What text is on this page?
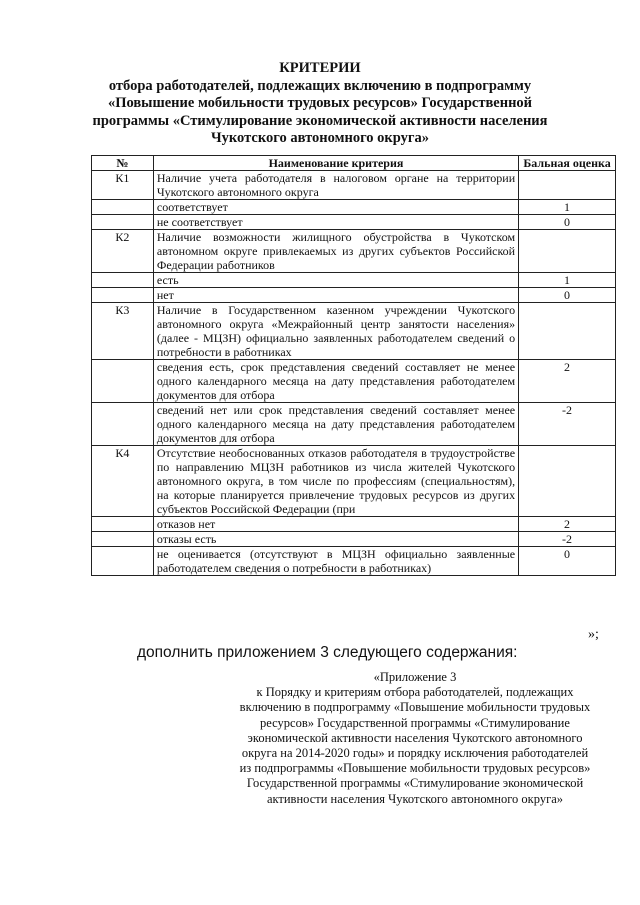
КРИТЕРИИ
отбора работодателей, подлежащих включению в подпрограмму
«Повышение мобильности трудовых ресурсов» Государственной
программы «Стимулирование экономической активности населения
Чукотского автономного округа»
№	Наименование критерия	Бальная оценка
К1	Наличие учета работодателя в налоговом органе на территории Чукотского автономного округа	
	соответствует	1
	не соответствует	0
К2	Наличие возможности жилищного обустройства в Чукотском автономном округе привлекаемых из других субъектов Российской Федерации работников	
	есть	1
	нет	0
К3	Наличие в Государственном казенном учреждении Чукотского автономного округа «Межрайонный центр занятости населения» (далее - МЦЗН) официально заявленных работодателем сведений о потребности в работниках	
	сведения есть, срок представления сведений составляет не менее одного календарного месяца на дату представления работодателем документов для отбора	2
	сведений нет или срок представления сведений составляет менее одного календарного месяца на дату представления работодателем документов для отбора	-2
К4	Отсутствие необоснованных отказов работодателя в трудоустройстве по направлению МЦЗН работников из числа жителей Чукотского автономного округа, в том числе по профессиям (специальностям), на которые планируется привлечение трудовых ресурсов из других субъектов Российской Федерации (при	
	отказов нет	2
	отказы есть	-2
	не оценивается (отсутствуют в МЦЗН официально заявленные работодателем сведения о потребности в работниках)	0
»;
дополнить приложением 3 следующего содержания:
«Приложение 3
к Порядку и критериям отбора работодателей, подлежащих
включению в подпрограмму «Повышение мобильности трудовых
ресурсов» Государственной программы «Стимулирование
экономической активности населения Чукотского автономного
округа на 2014-2020 годы» и порядку исключения работодателей
из подпрограммы «Повышение мобильности трудовых ресурсов»
Государственной программы «Стимулирование экономической
активности населения Чукотского автономного округа»
